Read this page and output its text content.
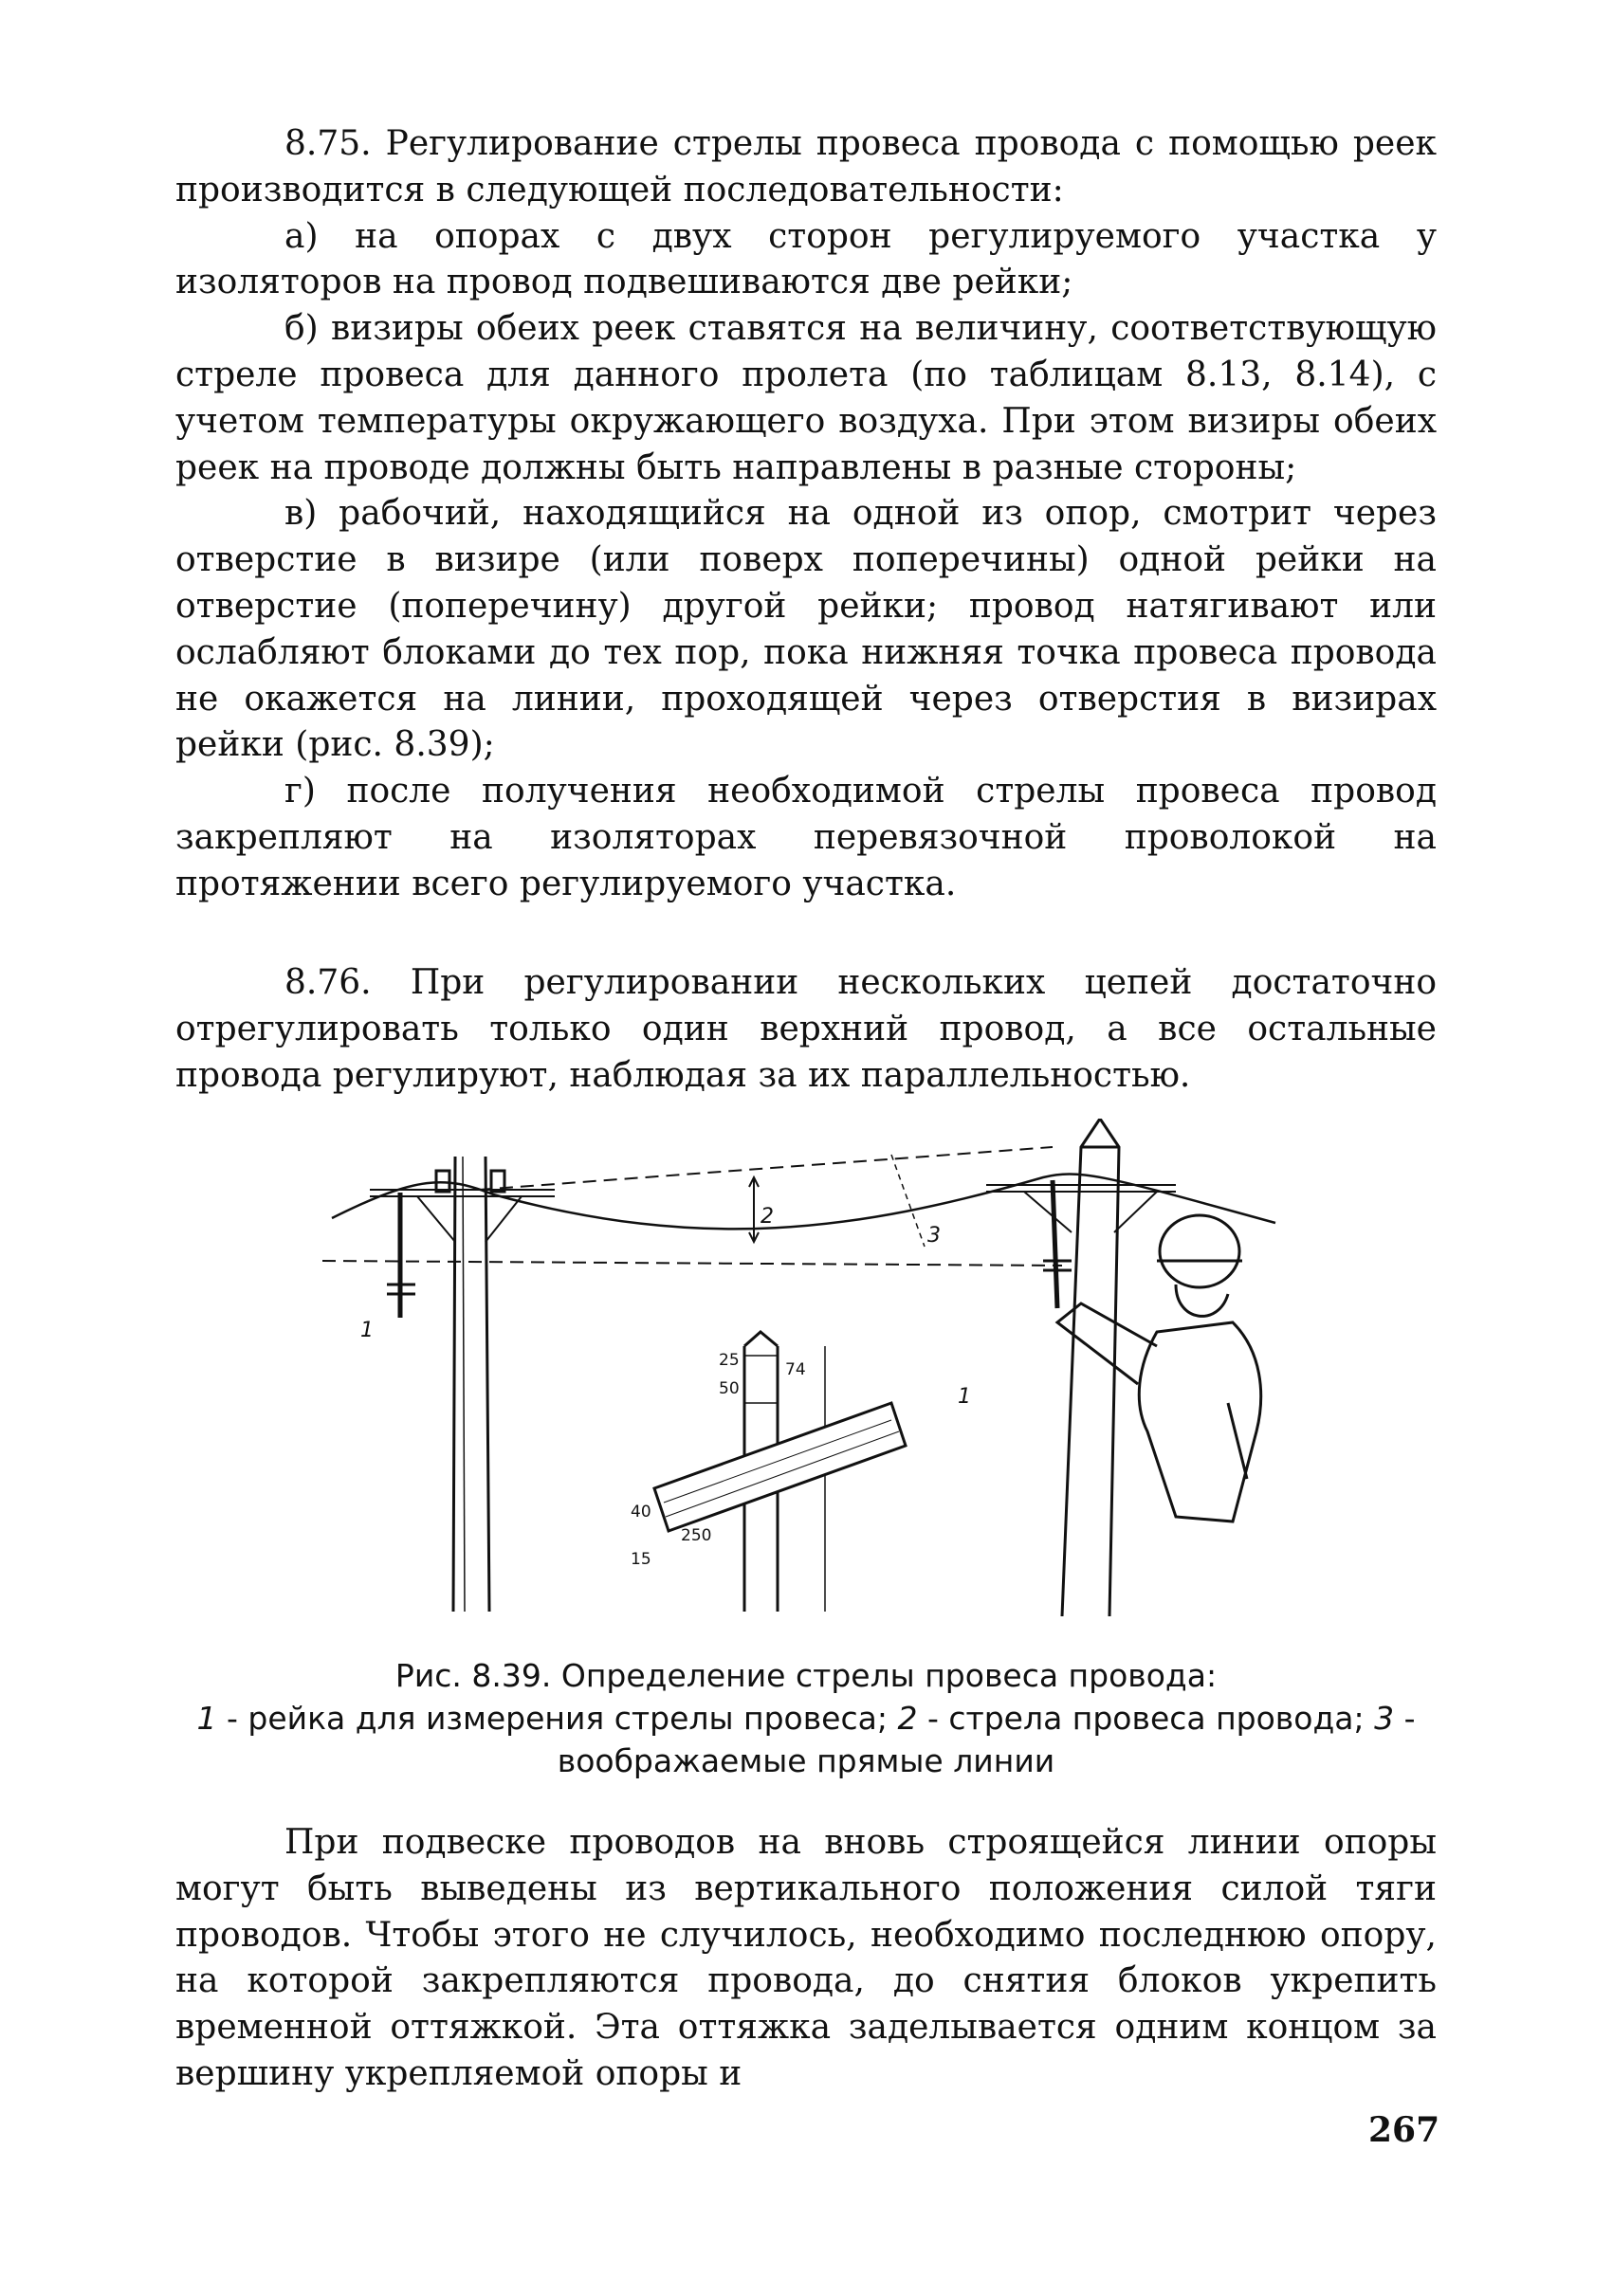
8.75. Регулирование стрелы провеса провода с помощью реек производится в следующей последовательности:

а) на опорах с двух сторон регулируемого участка у изоляторов на провод подвешиваются две рейки;

б) визиры обеих реек ставятся на величину, соответствующую стреле провеса для данного пролета (по таблицам 8.13, 8.14), с учетом температуры окружающего воздуха. При этом визиры обеих реек на проводе должны быть направлены в разные стороны;

в) рабочий, находящийся на одной из опор, смотрит через отверстие в визире (или поверх поперечины) одной рейки на отверстие (поперечину) другой рейки; провод натягивают или ослабляют блоками до тех пор, пока нижняя точка провеса провода не окажется на линии, проходящей через отверстия в визирах рейки (рис. 8.39);

г) после получения необходимой стрелы провеса провод закрепляют на изоляторах перевязочной проволокой на протяжении всего регулируемого участка.

8.76. При регулировании нескольких цепей достаточно отрегулировать только один верхний провод, а все остальные провода регулируют, наблюдая за их параллельностью.

1
2
3
1
50
25	74
40
250
15

Рис. 8.39. Определение стрелы провеса провода:
1 - рейка для измерения стрелы провеса; 2 - стрела провеса провода; 3 - воображаемые прямые линии

При подвеске проводов на вновь строящейся линии опоры могут быть выведены из вертикального положения силой тяги проводов. Чтобы этого не случилось, необходимо последнюю опору, на которой закрепляются провода, до снятия блоков укрепить временной оттяжкой. Эта оттяжка заделывается одним концом за вершину укрепляемой опоры и

267
